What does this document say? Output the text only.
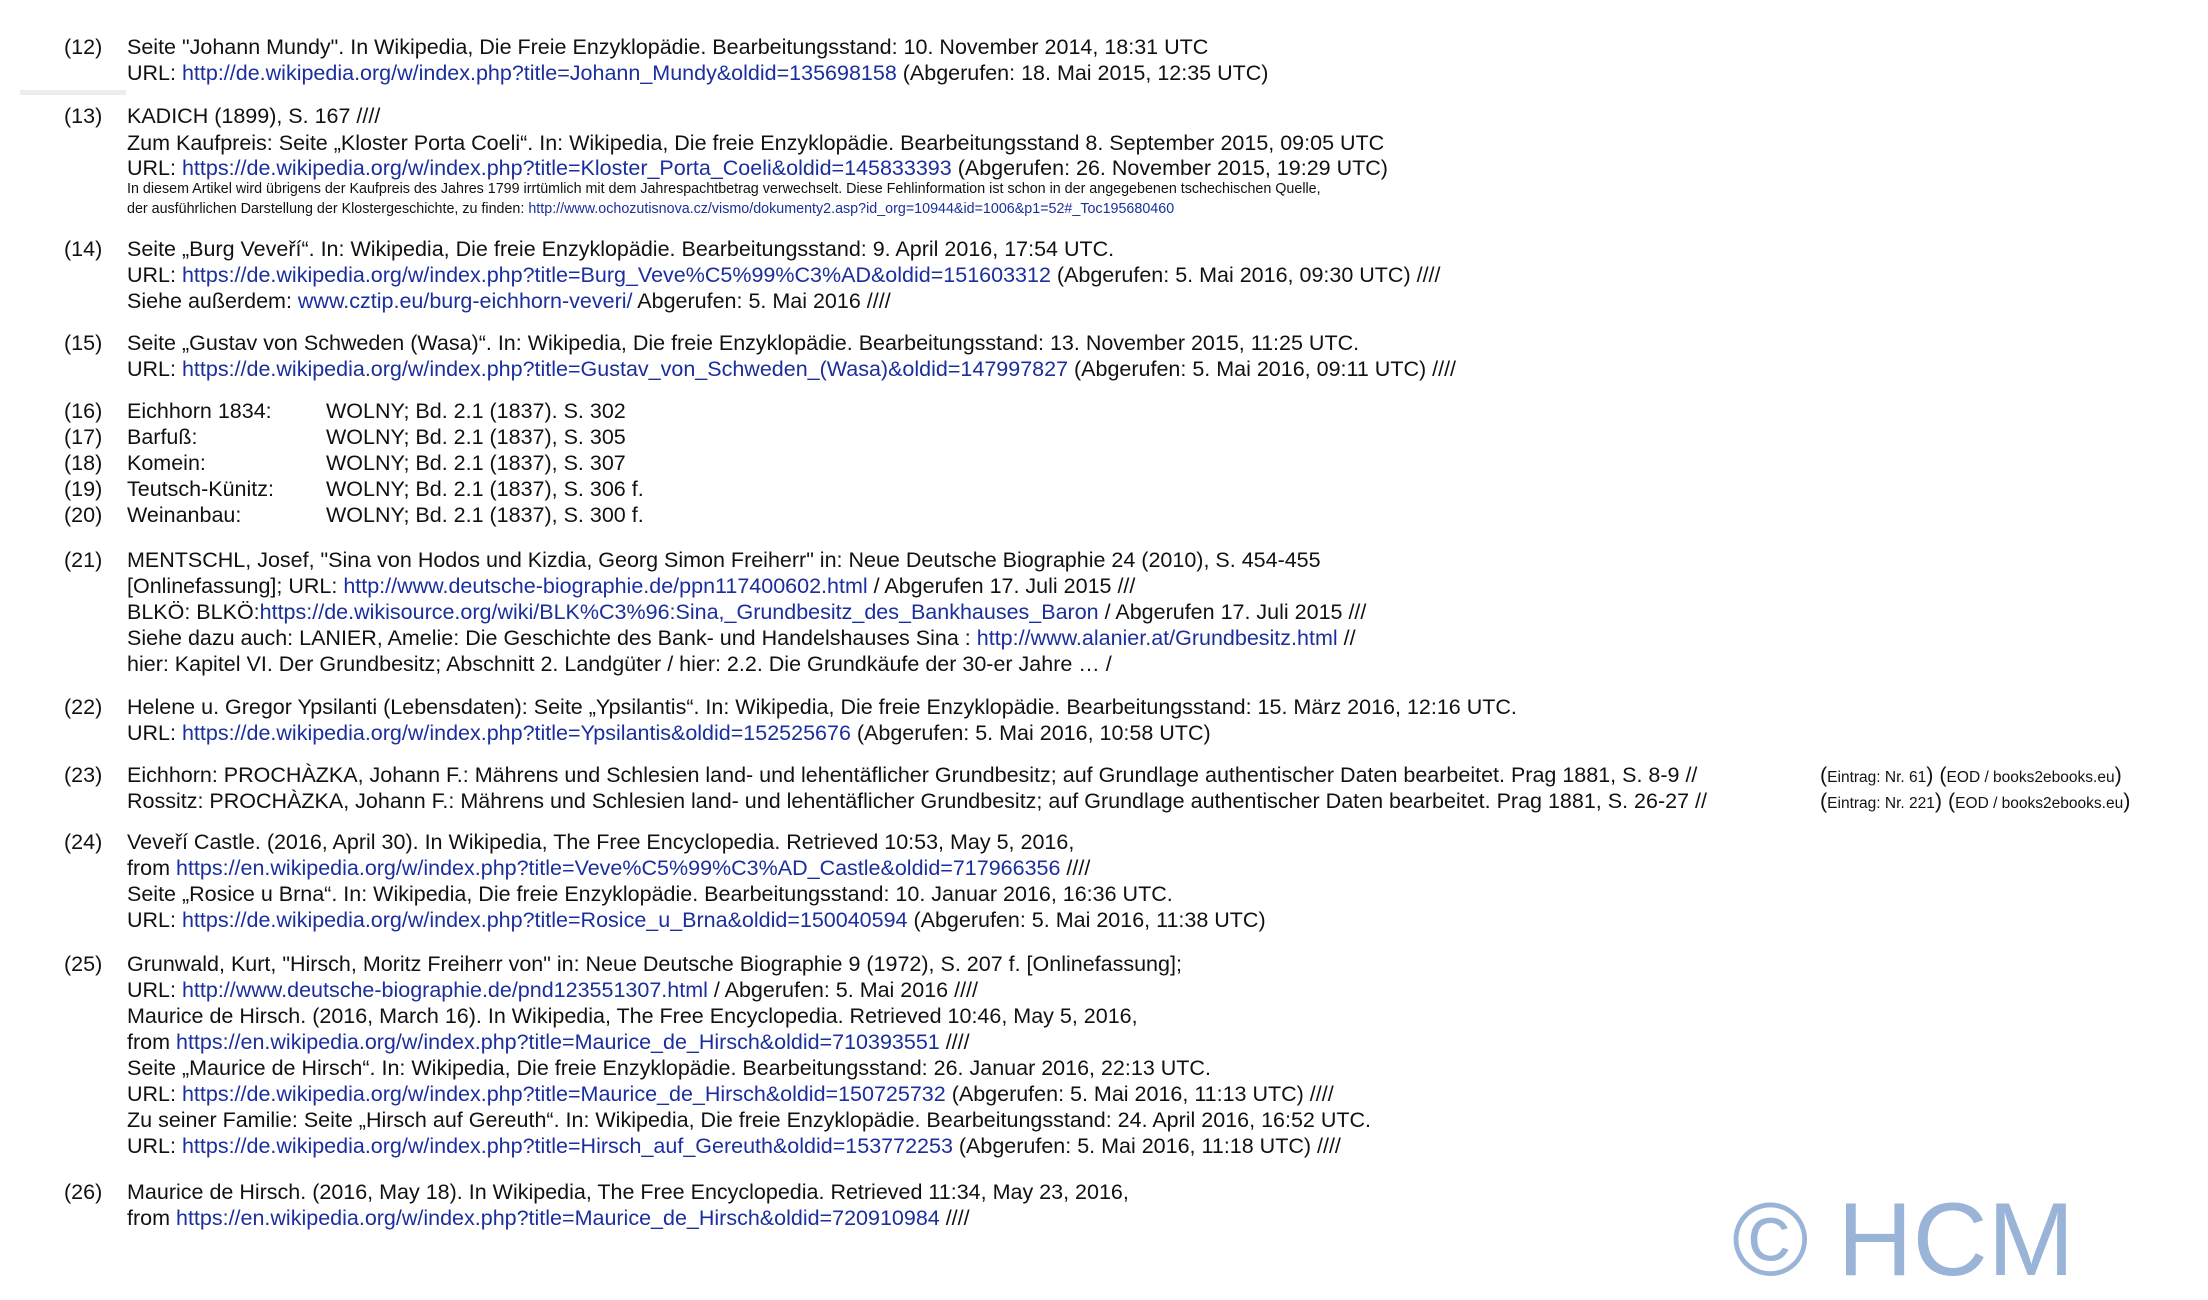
(12) Seite "Johann Mundy". In Wikipedia, Die Freie Enzyklopädie. Bearbeitungsstand: 10. November 2014, 18:31 UTC
URL: http://de.wikipedia.org/w/index.php?title=Johann_Mundy&oldid=135698158 (Abgerufen: 18. Mai 2015, 12:35 UTC)
(13) KADICH (1899), S. 167 ////
Zum Kaufpreis: Seite „Kloster Porta Coeli“. In: Wikipedia, Die freie Enzyklopädie. Bearbeitungsstand 8. September 2015, 09:05 UTC
URL: https://de.wikipedia.org/w/index.php?title=Kloster_Porta_Coeli&oldid=145833393 (Abgerufen: 26. November 2015, 19:29 UTC)
In diesem Artikel wird übrigens der Kaufpreis des Jahres 1799 irrtümlich mit dem Jahrespachtbetrag verwechselt. Diese Fehlinformation ist schon in der angegebenen tschechischen Quelle,
der ausführlichen Darstellung der Klostergeschichte, zu finden: http://www.ochozutisnova.cz/vismo/dokumenty2.asp?id_org=10944&id=1006&p1=52#_Toc195680460
(14) Seite „Burg Veveří“. In: Wikipedia, Die freie Enzyklopädie. Bearbeitungsstand: 9. April 2016, 17:54 UTC.
URL: https://de.wikipedia.org/w/index.php?title=Burg_Veve%C5%99%C3%AD&oldid=151603312 (Abgerufen: 5. Mai 2016, 09:30 UTC) ////
Siehe außerdem: www.cztip.eu/burg-eichhorn-veveri/ Abgerufen: 5. Mai 2016 ////
(15) Seite „Gustav von Schweden (Wasa)“. In: Wikipedia, Die freie Enzyklopädie. Bearbeitungsstand: 13. November 2015, 11:25 UTC.
URL: https://de.wikipedia.org/w/index.php?title=Gustav_von_Schweden_(Wasa)&oldid=147997827 (Abgerufen: 5. Mai 2016, 09:11 UTC) ////
(16) Eichhorn 1834:	WOLNY; Bd. 2.1 (1837). S. 302
(17) Barfuß:	WOLNY; Bd. 2.1 (1837), S. 305
(18) Komein:	WOLNY; Bd. 2.1 (1837), S. 307
(19) Teutsch-Künitz: WOLNY; Bd. 2.1 (1837), S. 306 f.
(20) Weinanbau:	WOLNY; Bd. 2.1 (1837), S. 300 f.
(21) MENTSCHL, Josef, "Sina von Hodos und Kizdia, Georg Simon Freiherr" in: Neue Deutsche Biographie 24 (2010), S. 454-455
[Onlinefassung]; URL: http://www.deutsche-biographie.de/ppn117400602.html / Abgerufen 17. Juli 2015 ///
BLKÖ: BLKÖ:https://de.wikisource.org/wiki/BLK%C3%96:Sina,_Grundbesitz_des_Bankhauses_Baron / Abgerufen 17. Juli 2015 ///
Siehe dazu auch: LANIER, Amelie: Die Geschichte des Bank- und Handelshauses Sina : http://www.alanier.at/Grundbesitz.html //
hier: Kapitel VI. Der Grundbesitz; Abschnitt 2. Landgüter / hier: 2.2. Die Grundkäufe der 30-er Jahre … /
(22) Helene u. Gregor Ypsilanti (Lebensdaten): Seite „Ypsilantis“. In: Wikipedia, Die freie Enzyklopädie. Bearbeitungsstand: 15. März 2016, 12:16 UTC.
URL: https://de.wikipedia.org/w/index.php?title=Ypsilantis&oldid=152525676 (Abgerufen: 5. Mai 2016, 10:58 UTC)
(23) Eichhorn: PROCHÀZKA, Johann F.: Mährens und Schlesien land- und lehentäflicher Grundbesitz; auf Grundlage authentischer Daten bearbeitet. Prag 1881, S. 8-9 //	(Eintrag: Nr. 61) (EOD / books2ebooks.eu)
Rossitz: PROCHÀZKA, Johann F.: Mährens und Schlesien land- und lehentäflicher Grundbesitz; auf Grundlage authentischer Daten bearbeitet. Prag 1881, S. 26-27 //	(Eintrag: Nr. 221) (EOD / books2ebooks.eu)
(24) Veveří Castle. (2016, April 30). In Wikipedia, The Free Encyclopedia. Retrieved 10:53, May 5, 2016,
from https://en.wikipedia.org/w/index.php?title=Veve%C5%99%C3%AD_Castle&oldid=717966356 ////
Seite „Rosice u Brna“. In: Wikipedia, Die freie Enzyklopädie. Bearbeitungsstand: 10. Januar 2016, 16:36 UTC.
URL: https://de.wikipedia.org/w/index.php?title=Rosice_u_Brna&oldid=150040594 (Abgerufen: 5. Mai 2016, 11:38 UTC)
(25) Grunwald, Kurt, "Hirsch, Moritz Freiherr von" in: Neue Deutsche Biographie 9 (1972), S. 207 f. [Onlinefassung];
URL: http://www.deutsche-biographie.de/pnd123551307.html / Abgerufen: 5. Mai 2016 ////
Maurice de Hirsch. (2016, March 16). In Wikipedia, The Free Encyclopedia. Retrieved 10:46, May 5, 2016,
from https://en.wikipedia.org/w/index.php?title=Maurice_de_Hirsch&oldid=710393551 ////
Seite „Maurice de Hirsch“. In: Wikipedia, Die freie Enzyklopädie. Bearbeitungsstand: 26. Januar 2016, 22:13 UTC.
URL: https://de.wikipedia.org/w/index.php?title=Maurice_de_Hirsch&oldid=150725732 (Abgerufen: 5. Mai 2016, 11:13 UTC) ////
Zu seiner Familie: Seite „Hirsch auf Gereuth“. In: Wikipedia, Die freie Enzyklopädie. Bearbeitungsstand: 24. April 2016, 16:52 UTC.
URL: https://de.wikipedia.org/w/index.php?title=Hirsch_auf_Gereuth&oldid=153772253 (Abgerufen: 5. Mai 2016, 11:18 UTC) ////
(26) Maurice de Hirsch. (2016, May 18). In Wikipedia, The Free Encyclopedia. Retrieved 11:34, May 23, 2016,
from https://en.wikipedia.org/w/index.php?title=Maurice_de_Hirsch&oldid=720910984 ////	© HCM
